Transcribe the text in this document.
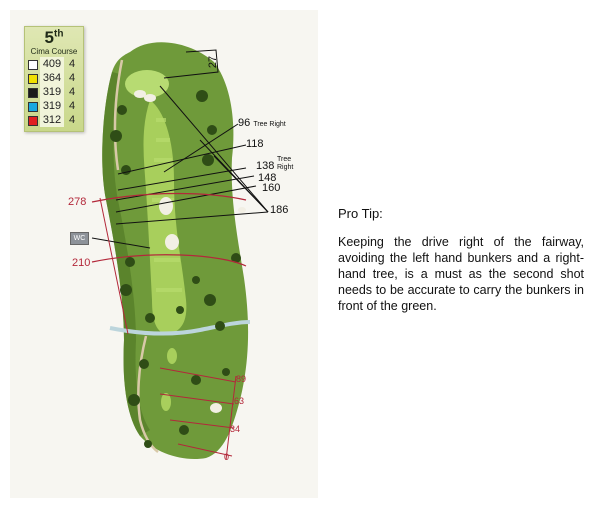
5th
Cima Course
409 4
364 4
319 4
319 4
312 4
27
96 Tree Right
118
138
Tree
Right
148
160
186
278
210
89
63
34
0
WC
Pro Tip:
Keeping the drive right of the fairway, avoiding the left hand bunkers and a right-hand tree, is a must as the second shot needs to be accurate to carry the bunkers in front of the green.
